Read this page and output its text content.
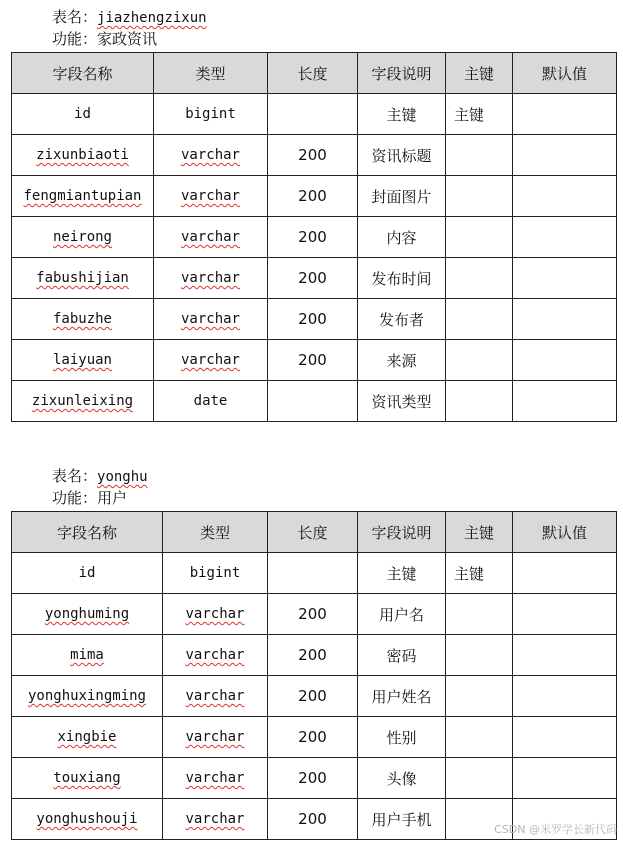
表名：jiazhengzixun
功能：家政资讯
字段名称	类型	长度	字段说明	主键	默认值
id	bigint		主键	主键	
zixunbiaoti	varchar	200	资讯标题		
fengmiantupian	varchar	200	封面图片		
neirong	varchar	200	内容		
fabushijian	varchar	200	发布时间		
fabuzhe	varchar	200	发布者		
laiyuan	varchar	200	来源		
zixunleixing	date		资讯类型		
表名：yonghu
功能：用户
字段名称	类型	长度	字段说明	主键	默认值
id	bigint		主键	主键	
yonghuming	varchar	200	用户名		
mima	varchar	200	密码		
yonghuxingming	varchar	200	用户姓名		
xingbie	varchar	200	性别		
touxiang	varchar	200	头像		
yonghushouji	varchar	200	用户手机		
CSDN @米罗学长新代码
